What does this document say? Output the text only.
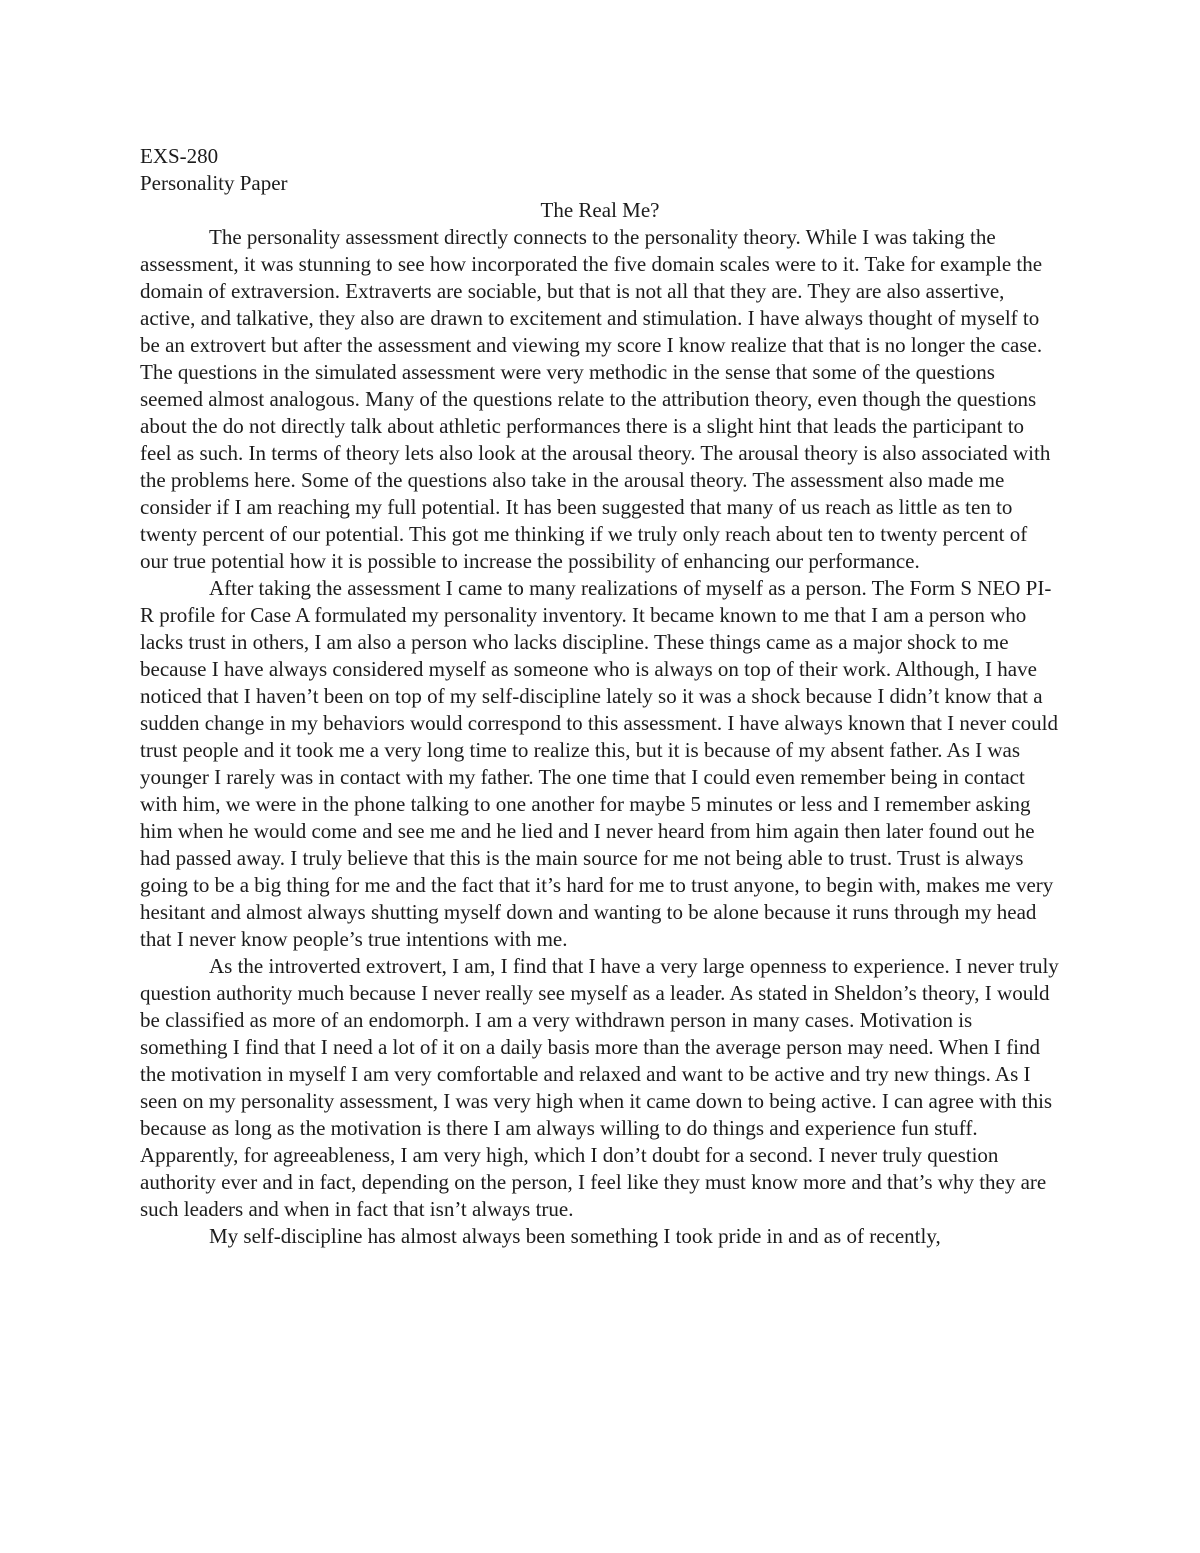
EXS-280
Personality Paper
The Real Me?

The personality assessment directly connects to the personality theory. While I was taking the assessment, it was stunning to see how incorporated the five domain scales were to it. Take for example the domain of extraversion. Extraverts are sociable, but that is not all that they are. They are also assertive, active, and talkative, they also are drawn to excitement and stimulation. I have always thought of myself to be an extrovert but after the assessment and viewing my score I know realize that that is no longer the case. The questions in the simulated assessment were very methodic in the sense that some of the questions seemed almost analogous. Many of the questions relate to the attribution theory, even though the questions about the do not directly talk about athletic performances there is a slight hint that leads the participant to feel as such. In terms of theory lets also look at the arousal theory. The arousal theory is also associated with the problems here. Some of the questions also take in the arousal theory. The assessment also made me consider if I am reaching my full potential. It has been suggested that many of us reach as little as ten to twenty percent of our potential. This got me thinking if we truly only reach about ten to twenty percent of our true potential how it is possible to increase the possibility of enhancing our performance.

After taking the assessment I came to many realizations of myself as a person. The Form S NEO PI-R profile for Case A formulated my personality inventory. It became known to me that I am a person who lacks trust in others, I am also a person who lacks discipline. These things came as a major shock to me because I have always considered myself as someone who is always on top of their work. Although, I have noticed that I haven’t been on top of my self-discipline lately so it was a shock because I didn’t know that a sudden change in my behaviors would correspond to this assessment. I have always known that I never could trust people and it took me a very long time to realize this, but it is because of my absent father. As I was younger I rarely was in contact with my father. The one time that I could even remember being in contact with him, we were in the phone talking to one another for maybe 5 minutes or less and I remember asking him when he would come and see me and he lied and I never heard from him again then later found out he had passed away. I truly believe that this is the main source for me not being able to trust. Trust is always going to be a big thing for me and the fact that it’s hard for me to trust anyone, to begin with, makes me very hesitant and almost always shutting myself down and wanting to be alone because it runs through my head that I never know people’s true intentions with me.

As the introverted extrovert, I am, I find that I have a very large openness to experience. I never truly question authority much because I never really see myself as a leader. As stated in Sheldon’s theory, I would be classified as more of an endomorph. I am a very withdrawn person in many cases. Motivation is something I find that I need a lot of it on a daily basis more than the average person may need. When I find the motivation in myself I am very comfortable and relaxed and want to be active and try new things. As I seen on my personality assessment, I was very high when it came down to being active. I can agree with this because as long as the motivation is there I am always willing to do things and experience fun stuff. Apparently, for agreeableness, I am very high, which I don’t doubt for a second. I never truly question authority ever and in fact, depending on the person, I feel like they must know more and that’s why they are such leaders and when in fact that isn’t always true.

My self-discipline has almost always been something I took pride in and as of recently,
